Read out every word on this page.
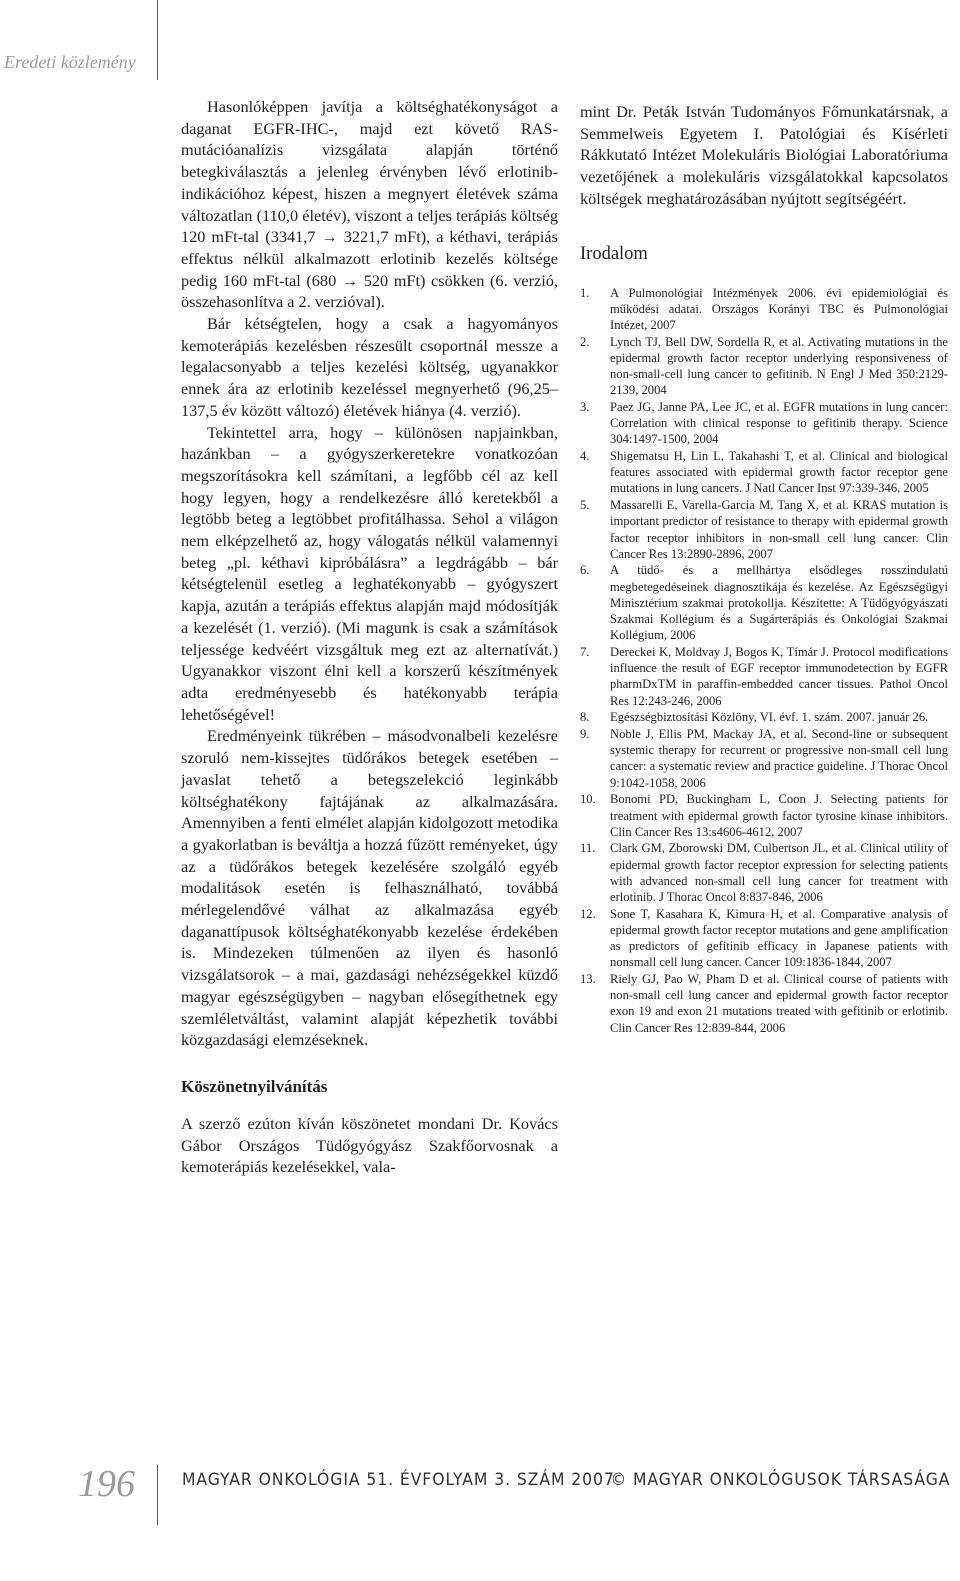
Eredeti közlemény

Hasonlóképpen javítja a költséghatékonyságot a daganat EGFR-IHC-, majd ezt követő RAS-mutációanalízis vizsgálata alapján történő betegkiválasztás a jelenleg érvényben lévő erlotinib-indikációhoz képest, hiszen a megnyert életévek száma változatlan (110,0 életév), viszont a teljes terápiás költség 120 mFt-tal (3341,7 → 3221,7 mFt), a kéthavi, terápiás effektus nélkül alkalmazott erlotinib kezelés költsége pedig 160 mFt-tal (680 → 520 mFt) csökken (6. verzió, összehasonlítva a 2. verzióval).

Bár kétségtelen, hogy a csak a hagyományos kemoterápiás kezelésben részesült csoportnál messze a legalacsonyabb a teljes kezelési költség, ugyanakkor ennek ára az erlotinib kezeléssel megnyerhető (96,25–137,5 év között változó) életévek hiánya (4. verzió).

Tekintettel arra, hogy – különösen napjainkban, hazánkban – a gyógyszerkeretekre vonatkozóan megszorításokra kell számítani, a legfőbb cél az kell hogy legyen, hogy a rendelkezésre álló keretekből a legtöbb beteg a legtöbbet profitálhassa. Sehol a világon nem elképzelhető az, hogy válogatás nélkül valamennyi beteg „pl. kéthavi kipróbálásra” a legdrágább – bár kétségtelenül esetleg a leghatékonyabb – gyógyszert kapja, azután a terápiás effektus alapján majd módosítják a kezelését (1. verzió). (Mi magunk is csak a számítások teljessége kedvéért vizsgáltuk meg ezt az alternatívát.) Ugyanakkor viszont élni kell a korszerű készítmények adta eredményesebb és hatékonyabb terápia lehetőségével!

Eredményeink tükrében – másodvonalbeli kezelésre szoruló nem-kissejtes tüdőrákos betegek esetében – javaslat tehető a betegszelekció leginkább költséghatékony fajtájának az alkalmazására. Amennyiben a fenti elmélet alapján kidolgozott metodika a gyakorlatban is beváltja a hozzá fűzött reményeket, úgy az a tüdőrákos betegek kezelésére szolgáló egyéb modalitások esetén is felhasználható, továbbá mérlegelendővé válhat az alkalmazása egyéb daganattípusok költséghatékonyabb kezelése érdekében is. Mindezeken túlmenően az ilyen és hasonló vizsgálatsorok – a mai, gazdasági nehézségekkel küzdő magyar egészségügyben – nagyban elősegíthetnek egy szemléletváltást, valamint alapját képezhetik további közgazdasági elemzéseknek.

Köszönetnyilvánítás

A szerző ezúton kíván köszönetet mondani Dr. Kovács Gábor Országos Tüdőgyógyász Szakfőorvosnak a kemoterápiás kezelésekkel, vala-

mint Dr. Peták István Tudományos Főmunkatársnak, a Semmelweis Egyetem I. Patológiai és Kísérleti Rákkutató Intézet Molekuláris Biológiai Laboratóriuma vezetőjének a molekuláris vizsgálatokkal kapcsolatos költségek meghatározásában nyújtott segítségéért.

Irodalom
1. A Pulmonológiai Intézmények 2006. évi epidemiológiai és működési adatai. Országos Korányi TBC és Pulmonológiai Intézet, 2007
2. Lynch TJ, Bell DW, Sordella R, et al. Activating mutations in the epidermal growth factor receptor underlying responsiveness of non-small-cell lung cancer to gefitinib. N Engl J Med 350:2129-2139, 2004
3. Paez JG, Janne PA, Lee JC, et al. EGFR mutations in lung cancer: Correlation with clinical response to gefitinib therapy. Science 304:1497-1500, 2004
4. Shigematsu H, Lin L, Takahashi T, et al. Clinical and biological features associated with epidermal growth factor receptor gene mutations in lung cancers. J Natl Cancer Inst 97:339-346, 2005
5. Massarelli E, Varella-Garcia M, Tang X, et al. KRAS mutation is important predictor of resistance to therapy with epidermal growth factor receptor inhibitors in non-small cell lung cancer. Clin Cancer Res 13:2890-2896, 2007
6. A tüdő- és a mellhártya elsődleges rosszindulatú megbetegedéseinek diagnosztikája és kezelése. Az Egészségügyi Minisztérium szakmai protokollja. Készítette: A Tüdőgyógyászati Szakmai Kollégium és a Sugárterápiás és Onkológiai Szakmai Kollégium, 2006
7. Dereckei K, Moldvay J, Bogos K, Tímár J. Protocol modifications influence the result of EGF receptor immunodetection by EGFR pharmDxTM in paraffin-embedded cancer tissues. Pathol Oncol Res 12:243-246, 2006
8. Egészségbiztosítási Közlöny, VI. évf. 1. szám. 2007. január 26.
9. Noble J, Ellis PM, Mackay JA, et al. Second-line or subsequent systemic therapy for recurrent or progressive non-small cell lung cancer: a systematic review and practice guideline. J Thorac Oncol 9:1042-1058, 2006
10. Bonomi PD, Buckingham L, Coon J. Selecting patients for treatment with epidermal growth factor tyrosine kinase inhibitors. Clin Cancer Res 13:s4606-4612, 2007
11. Clark GM, Zborowski DM, Culbertson JL, et al. Clinical utility of epidermal growth factor receptor expression for selecting patients with advanced non-small cell lung cancer for treatment with erlotinib. J Thorac Oncol 8:837-846, 2006
12. Sone T, Kasahara K, Kimura H, et al. Comparative analysis of epidermal growth factor receptor mutations and gene amplification as predictors of gefitinib efficacy in Japanese patients with nonsmall cell lung cancer. Cancer 109:1836-1844, 2007
13. Riely GJ, Pao W, Pham D et al. Clinical course of patients with non-small cell lung cancer and epidermal growth factor receptor exon 19 and exon 21 mutations treated with gefitinib or erlotinib. Clin Cancer Res 12:839-844, 2006
196	MAGYAR ONKOLÓGIA 51. ÉVFOLYAM 3. SZÁM 2007
© MAGYAR ONKOLÓGUSOK TÁRSASÁGA
